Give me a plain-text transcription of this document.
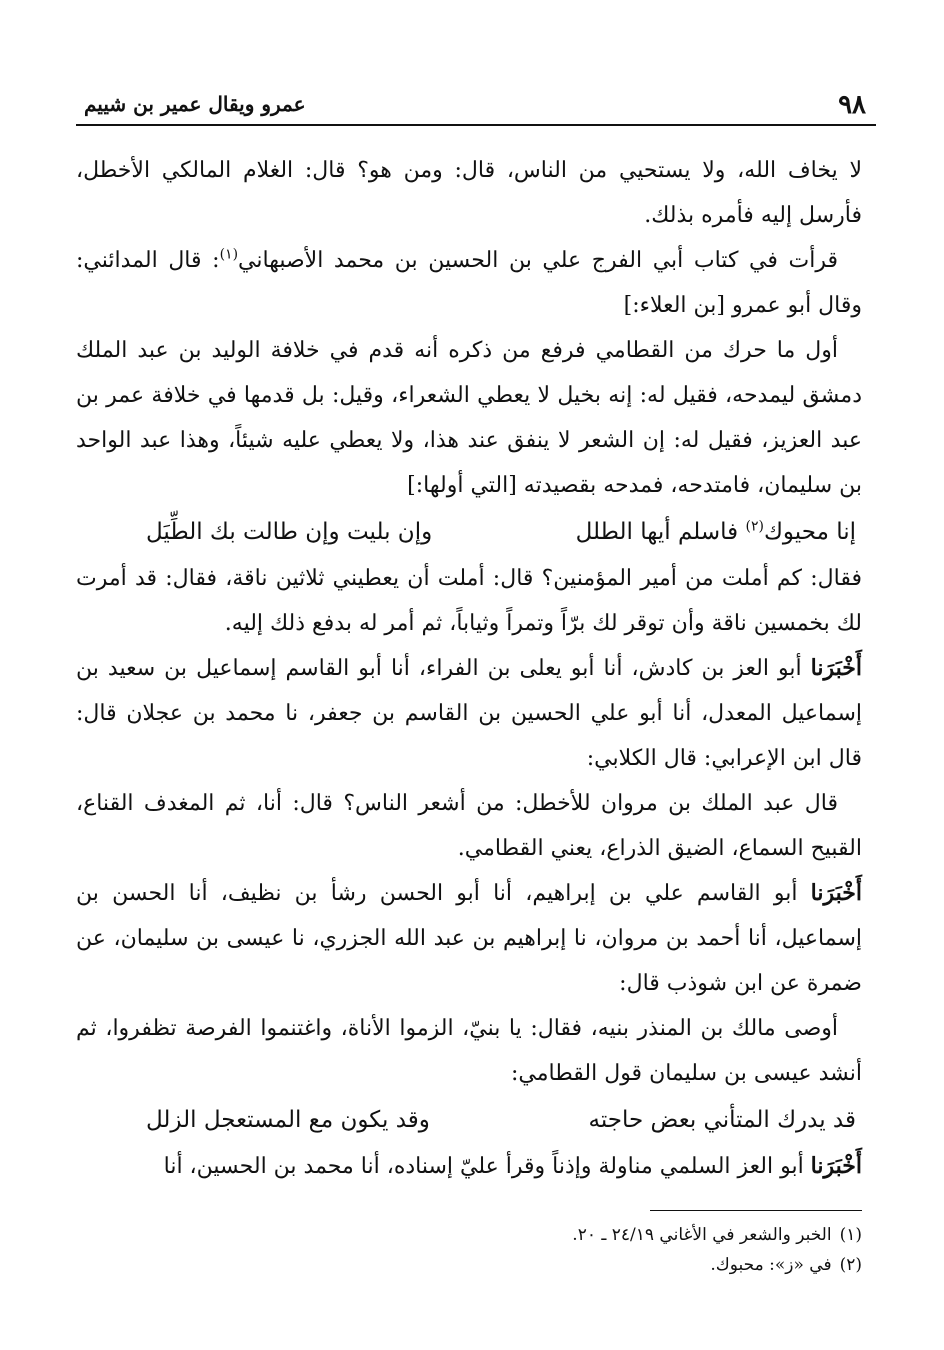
٩٨
عمرو ويقال عمير بن شييم

لا يخاف الله، ولا يستحيي من الناس، قال: ومن هو؟ قال: الغلام المالكي الأخطل، فأرسل إليه فأمره بذلك.

قرأت في كتاب أبي الفرج علي بن الحسين بن محمد الأصبهاني$^{(١)}$: قال المدائني: وقال أبو عمرو [بن العلاء:]

أول ما حرك من القطامي فرفع من ذكره أنه قدم في خلافة الوليد بن عبد الملك دمشق ليمدحه، فقيل له: إنه بخيل لا يعطي الشعراء، وقيل: بل قدمها في خلافة عمر بن عبد العزيز، فقيل له: إن الشعر لا ينفق عند هذا، ولا يعطي عليه شيئاً، وهذا عبد الواحد بن سليمان، فامتدحه، فمدحه بقصيدته [التي أولها:]

إنا محيوك$^{(٢)}$ فاسلم أيها الطلل
وإن بليت وإن طالت بك الطِّيَل

فقال: كم أملت من أمير المؤمنين؟ قال: أملت أن يعطيني ثلاثين ناقة، فقال: قد أمرت لك بخمسين ناقة وأن توقر لك برّاً وتمراً وثياباً، ثم أمر له بدفع ذلك إليه.

أَخْبَرَنا أبو العز بن كادش، أنا أبو يعلى بن الفراء، أنا أبو القاسم إسماعيل بن سعيد بن إسماعيل المعدل، أنا أبو علي الحسين بن القاسم بن جعفر، نا محمد بن عجلان قال: قال ابن الإعرابي: قال الكلابي:

قال عبد الملك بن مروان للأخطل: من أشعر الناس؟ قال: أنا، ثم المغدف القناع، القبيح السماع، الضيق الذراع، يعني القطامي.

أَخْبَرَنا أبو القاسم علي بن إبراهيم، أنا أبو الحسن رشأ بن نظيف، أنا الحسن بن إسماعيل، أنا أحمد بن مروان، نا إبراهيم بن عبد الله الجزري، نا عيسى بن سليمان، عن ضمرة عن ابن شوذب قال:

أوصى مالك بن المنذر بنيه، فقال: يا بنيّ، الزموا الأناة، واغتنموا الفرصة تظفروا، ثم أنشد عيسى بن سليمان قول القطامي:

قد يدرك المتأني بعض حاجته
وقد يكون مع المستعجل الزلل

أَخْبَرَنا أبو العز السلمي مناولة وإذناً وقرأ عليّ إسناده، أنا محمد بن الحسين، أنا

(١)
الخبر والشعر في الأغاني ٢٤/١٩ ـ ٢٠.
(٢)
في «ز»: محبوك.
